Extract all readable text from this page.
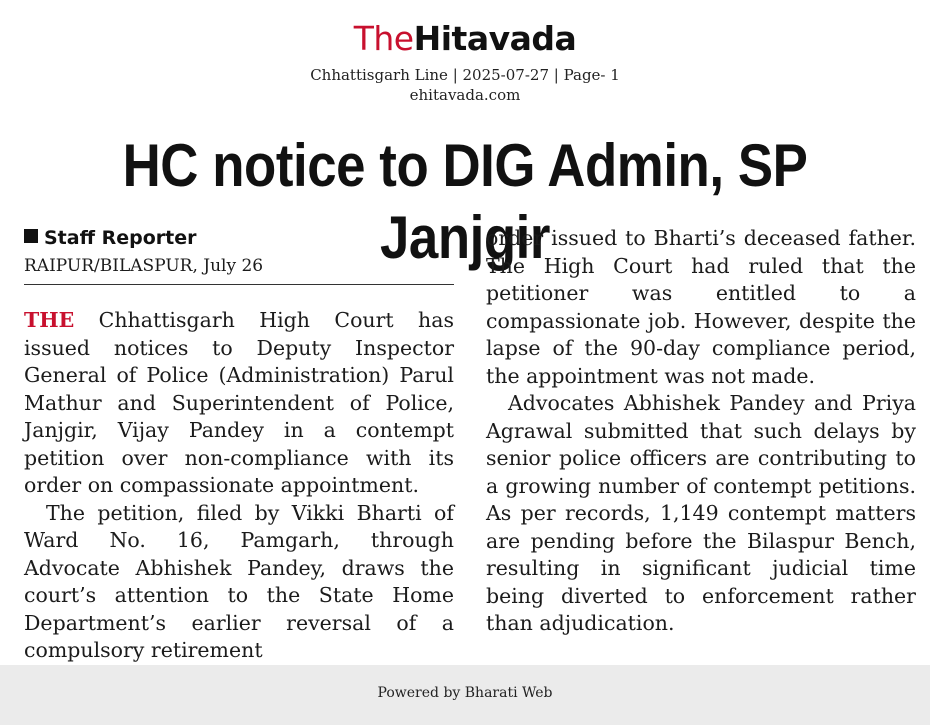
TheHitavada
Chhattisgarh Line | 2025-07-27 | Page- 1
ehitavada.com
HC notice to DIG Admin, SP Janjgir
Staff Reporter
RAIPUR/BILASPUR, July 26

THE Chhattisgarh High Court has issued notices to Deputy Inspector General of Police (Administration) Parul Mathur and Superintendent of Police, Janjgir, Vijay Pandey in a contempt petition over non-compliance with its order on compassionate appointment.

The petition, filed by Vikki Bharti of Ward No. 16, Pamgarh, through Advocate Abhishek Pandey, draws the court’s attention to the State Home Department’s earlier reversal of a compulsory retirement

order issued to Bharti’s deceased father. The High Court had ruled that the petitioner was entitled to a compassionate job. However, despite the lapse of the 90-day compliance period, the appointment was not made.

Advocates Abhishek Pandey and Priya Agrawal submitted that such delays by senior police officers are contributing to a growing number of contempt petitions. As per records, 1,149 contempt matters are pending before the Bilaspur Bench, resulting in significant judicial time being diverted to enforcement rather than adjudication.

Powered by Bharati Web
